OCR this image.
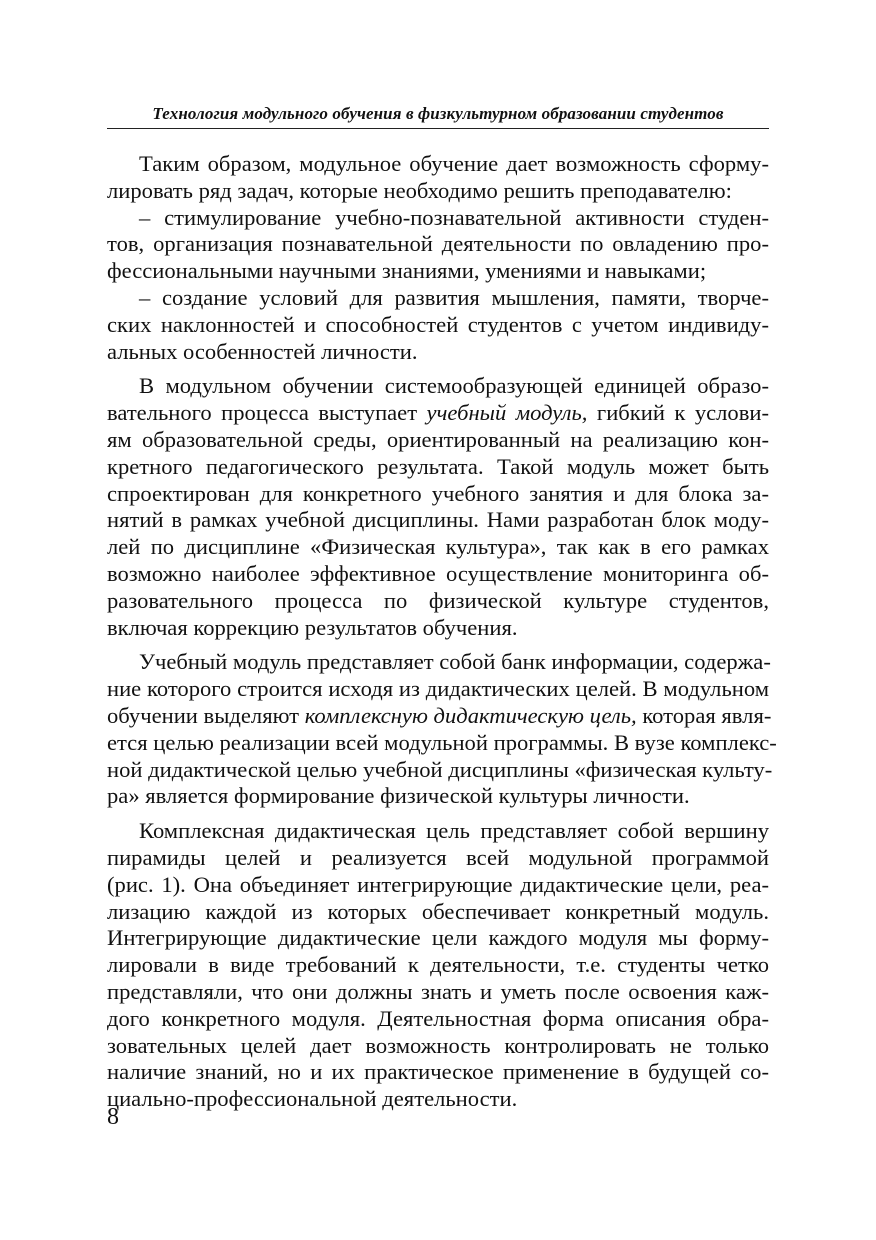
Технология модульного обучения в физкультурном образовании студентов

Таким образом, модульное обучение дает возможность сформу-
лировать ряд задач, которые необходимо решить преподавателю:

– стимулирование учебно-познавательной активности студен-
тов, организация познавательной деятельности по овладению про-
фессиональными научными знаниями, умениями и навыками;

– создание условий для развития мышления, памяти, творче-
ских наклонностей и способностей студентов с учетом индивиду-
альных особенностей личности.

В модульном обучении системообразующей единицей образо-
вательного процесса выступает учебный модуль, гибкий к услови-
ям образовательной среды, ориентированный на реализацию кон-
кретного педагогического результата. Такой модуль может быть
спроектирован для конкретного учебного занятия и для блока за-
нятий в рамках учебной дисциплины. Нами разработан блок моду-
лей по дисциплине «Физическая культура», так как в его рамках
возможно наиболее эффективное осуществление мониторинга об-
разовательного процесса по физической культуре студентов,
включая коррекцию результатов обучения.

Учебный модуль представляет собой банк информации, содержа-
ние которого строится исходя из дидактических целей. В модульном
обучении выделяют комплексную дидактическую цель, которая явля-
ется целью реализации всей модульной программы. В вузе комплекс-
ной дидактической целью учебной дисциплины «физическая культу-
ра» является формирование физической культуры личности.

Комплексная дидактическая цель представляет собой вершину
пирамиды целей и реализуется всей модульной программой
(рис. 1). Она объединяет интегрирующие дидактические цели, реа-
лизацию каждой из которых обеспечивает конкретный модуль.
Интегрирующие дидактические цели каждого модуля мы форму-
лировали в виде требований к деятельности, т.е. студенты четко
представляли, что они должны знать и уметь после освоения каж-
дого конкретного модуля. Деятельностная форма описания обра-
зовательных целей дает возможность контролировать не только
наличие знаний, но и их практическое применение в будущей со-
циально-профессиональной деятельности.

8
